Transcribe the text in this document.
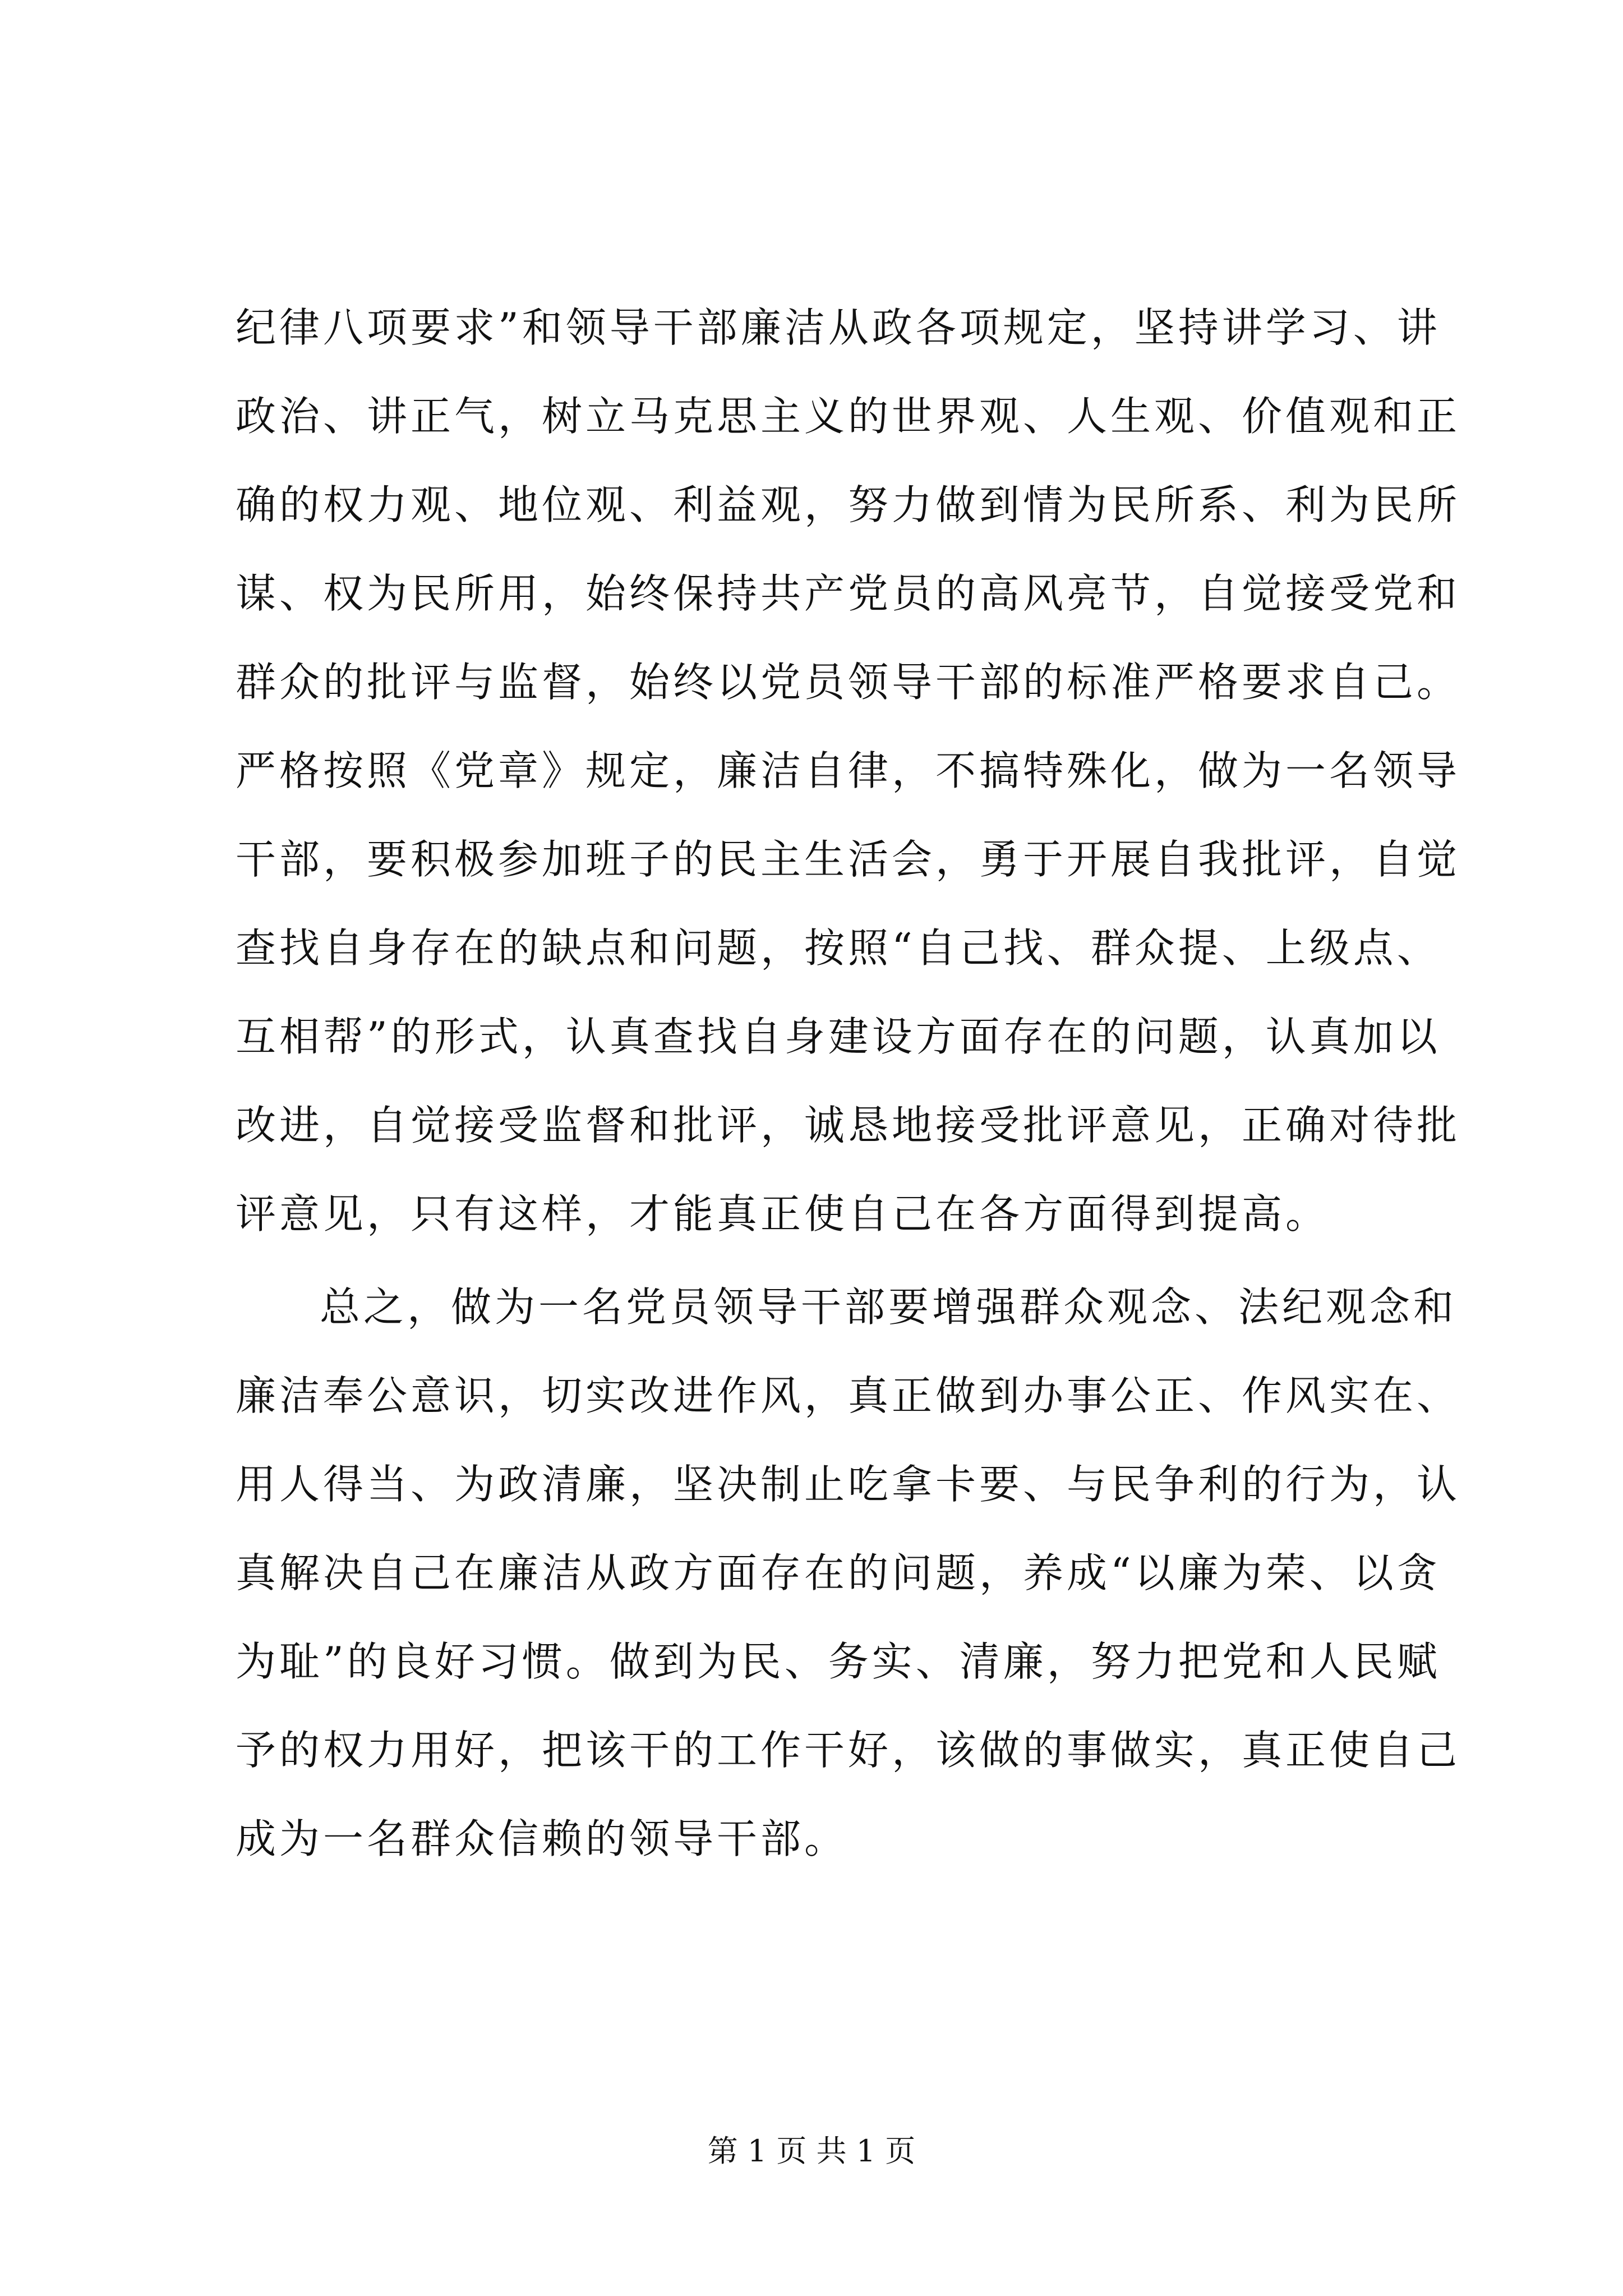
纪律八项要求”和领导干部廉洁从政各项规定，坚持讲学习、讲
政治、讲正气，树立马克思主义的世界观、人生观、价值观和正
确的权力观、地位观、利益观，努力做到情为民所系、利为民所
谋、权为民所用，始终保持共产党员的高风亮节，自觉接受党和
群众的批评与监督，始终以党员领导干部的标准严格要求自己。
严格按照《党章》规定，廉洁自律，不搞特殊化，做为一名领导
干部，要积极参加班子的民主生活会，勇于开展自我批评，自觉
查找自身存在的缺点和问题，按照“自己找、群众提、上级点、
互相帮”的形式，认真查找自身建设方面存在的问题，认真加以
改进，自觉接受监督和批评，诚恳地接受批评意见，正确对待批
评意见，只有这样，才能真正使自己在各方面得到提高。
总之，做为一名党员领导干部要增强群众观念、法纪观念和
廉洁奉公意识，切实改进作风，真正做到办事公正、作风实在、
用人得当、为政清廉，坚决制止吃拿卡要、与民争利的行为，认
真解决自己在廉洁从政方面存在的问题，养成“以廉为荣、以贪
为耻”的良好习惯。做到为民、务实、清廉，努力把党和人民赋
予的权力用好，把该干的工作干好，该做的事做实，真正使自己
成为一名群众信赖的领导干部。
第 1 页 共 1 页
